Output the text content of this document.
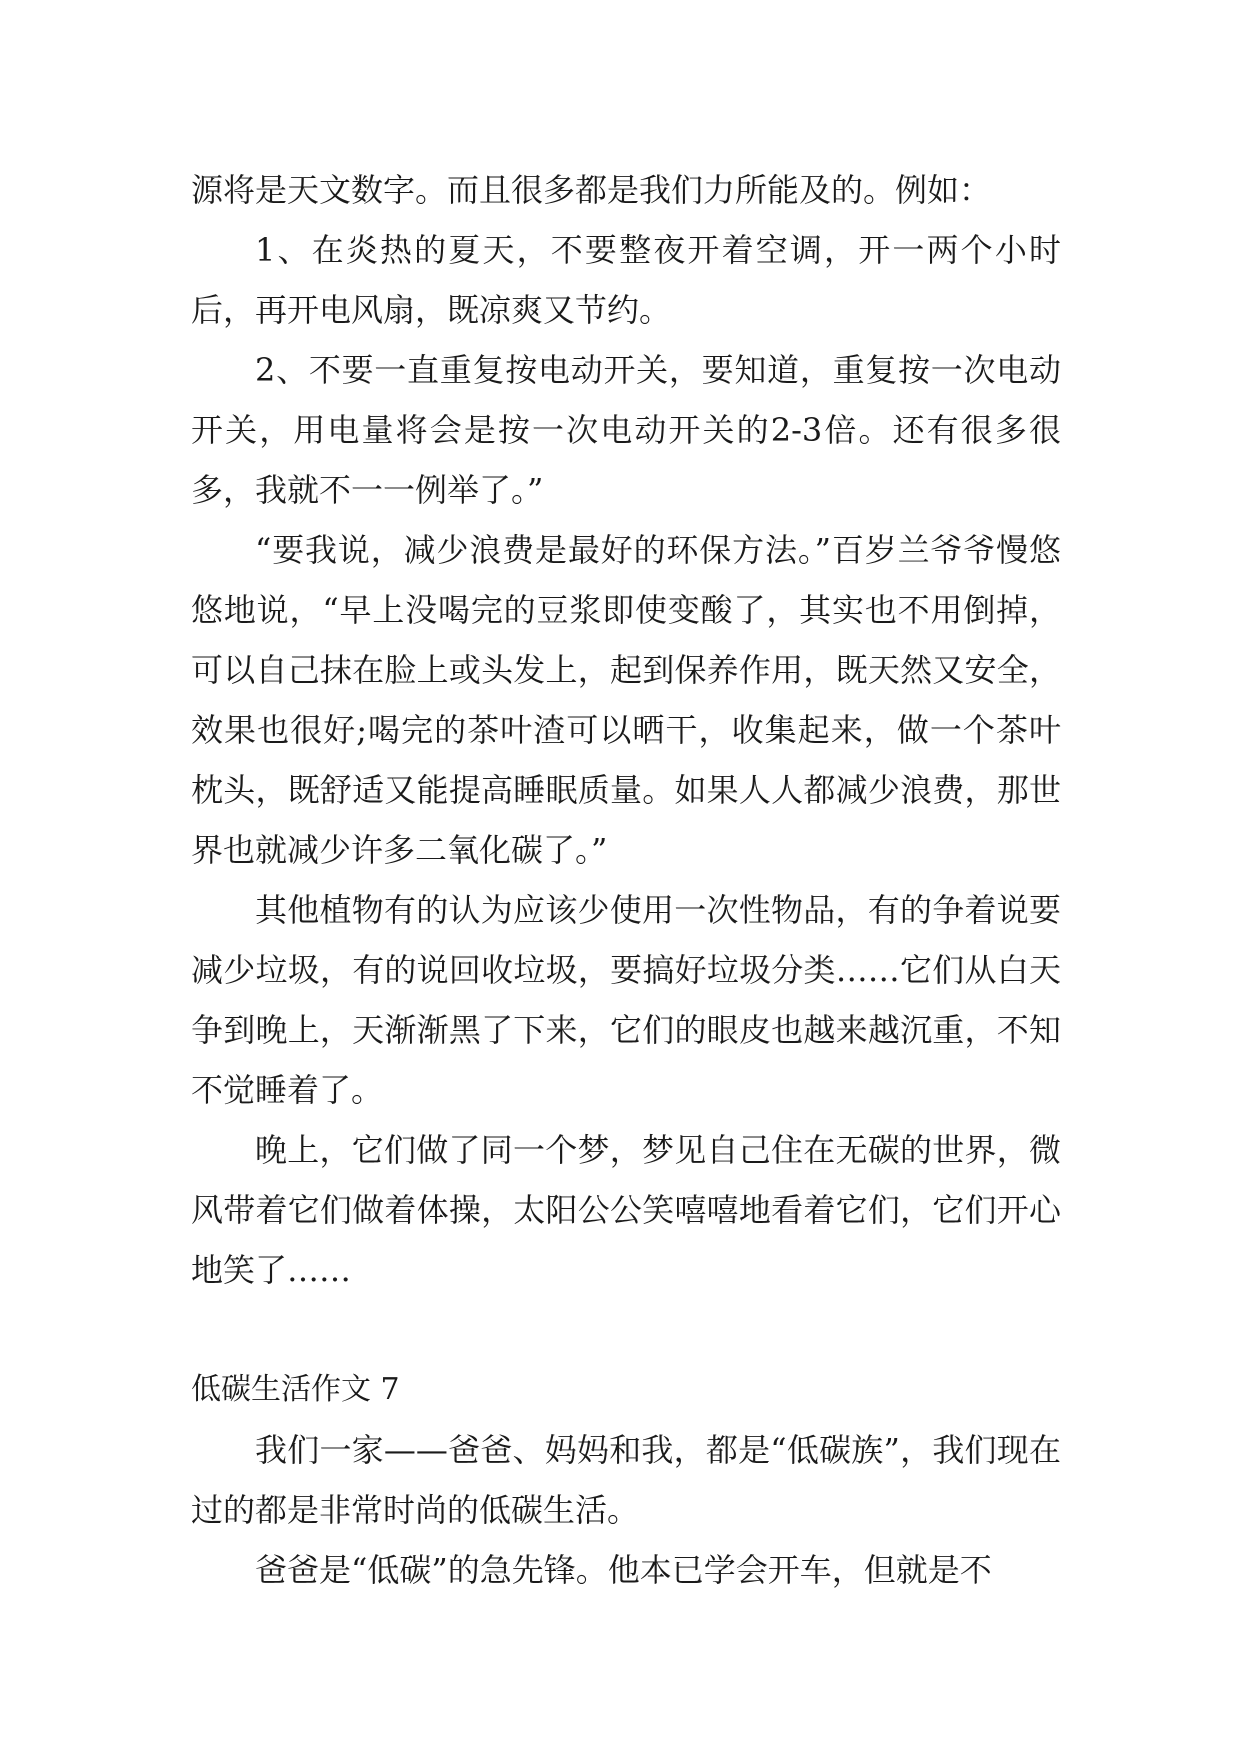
源将是天文数字。而且很多都是我们力所能及的。例如：

1、在炎热的夏天，不要整夜开着空调，开一两个小时后，再开电风扇，既凉爽又节约。

2、不要一直重复按电动开关，要知道，重复按一次电动开关，用电量将会是按一次电动开关的2-3倍。还有很多很多，我就不一一例举了。”

“要我说，减少浪费是最好的环保方法。”百岁兰爷爷慢悠悠地说，“早上没喝完的豆浆即使变酸了，其实也不用倒掉，可以自己抹在脸上或头发上，起到保养作用，既天然又安全，效果也很好;喝完的茶叶渣可以晒干，收集起来，做一个茶叶枕头，既舒适又能提高睡眠质量。如果人人都减少浪费，那世界也就减少许多二氧化碳了。”

其他植物有的认为应该少使用一次性物品，有的争着说要减少垃圾，有的说回收垃圾，要搞好垃圾分类……它们从白天争到晚上，天渐渐黑了下来，它们的眼皮也越来越沉重，不知不觉睡着了。

晚上，它们做了同一个梦，梦见自己住在无碳的世界，微风带着它们做着体操，太阳公公笑嘻嘻地看着它们，它们开心地笑了……

低碳生活作文 7

我们一家——爸爸、妈妈和我，都是“低碳族”，我们现在过的都是非常时尚的低碳生活。

爸爸是“低碳”的急先锋。他本已学会开车，但就是不
